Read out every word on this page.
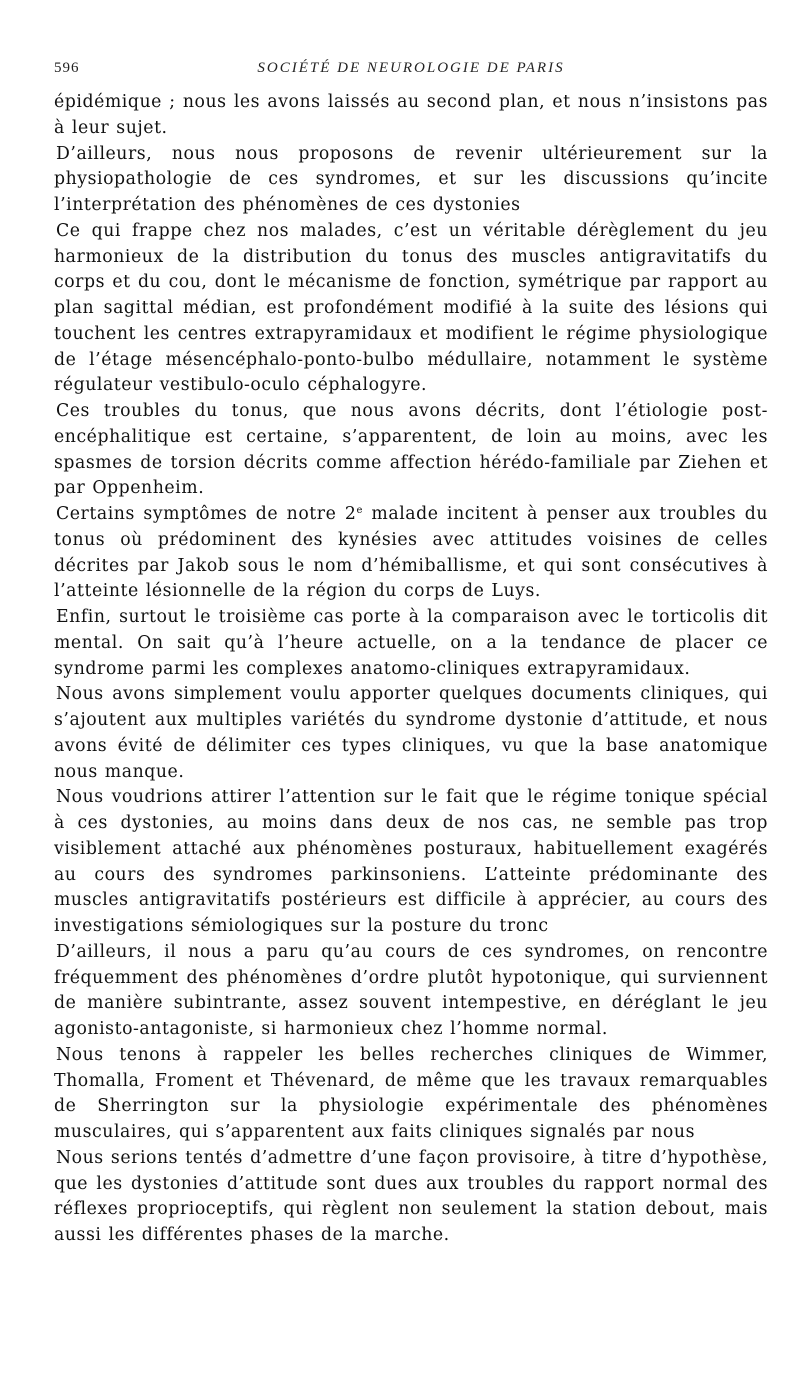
596	SOCIÉTÉ DE NEUROLOGIE DE PARIS

épidémique ; nous les avons laissés au second plan, et nous n’insistons pas à leur sujet.

D’ailleurs, nous nous proposons de revenir ultérieurement sur la physiopathologie de ces syndromes, et sur les discussions qu’incite l’interprétation des phénomènes de ces dystonies

Ce qui frappe chez nos malades, c’est un véritable dérèglement du jeu harmonieux de la distribution du tonus des muscles antigravitatifs du corps et du cou, dont le mécanisme de fonction, symétrique par rapport au plan sagittal médian, est profondément modifié à la suite des lésions qui touchent les centres extrapyramidaux et modifient le régime physiologique de l’étage mésencéphalo-ponto-bulbo médullaire, notamment le système régulateur vestibulo-oculo céphalogyre.

Ces troubles du tonus, que nous avons décrits, dont l’étiologie post-encéphalitique est certaine, s’apparentent, de loin au moins, avec les spasmes de torsion décrits comme affection hérédo-familiale par Ziehen et par Oppenheim.

Certains symptômes de notre 2e malade incitent à penser aux troubles du tonus où prédominent des kynésies avec attitudes voisines de celles décrites par Jakob sous le nom d’hémiballisme, et qui sont consécutives à l’atteinte lésionnelle de la région du corps de Luys.

Enfin, surtout le troisième cas porte à la comparaison avec le torticolis dit mental. On sait qu’à l’heure actuelle, on a la tendance de placer ce syndrome parmi les complexes anatomo-cliniques extrapyramidaux.

Nous avons simplement voulu apporter quelques documents cliniques, qui s’ajoutent aux multiples variétés du syndrome dystonie d’attitude, et nous avons évité de délimiter ces types cliniques, vu que la base anatomique nous manque.

Nous voudrions attirer l’attention sur le fait que le régime tonique spécial à ces dystonies, au moins dans deux de nos cas, ne semble pas trop visiblement attaché aux phénomènes posturaux, habituellement exagérés au cours des syndromes parkinsoniens. L’atteinte prédominante des muscles antigravitatifs postérieurs est difficile à apprécier, au cours des investigations sémiologiques sur la posture du tronc

D’ailleurs, il nous a paru qu’au cours de ces syndromes, on rencontre fréquemment des phénomènes d’ordre plutôt hypotonique, qui surviennent de manière subintrante, assez souvent intempestive, en déréglant le jeu agonisto-antagoniste, si harmonieux chez l’homme normal.

Nous tenons à rappeler les belles recherches cliniques de Wimmer, Thomalla, Froment et Thévenard, de même que les travaux remarquables de Sherrington sur la physiologie expérimentale des phénomènes musculaires, qui s’apparentent aux faits cliniques signalés par nous

Nous serions tentés d’admettre d’une façon provisoire, à titre d’hypothèse, que les dystonies d’attitude sont dues aux troubles du rapport normal des réflexes proprioceptifs, qui règlent non seulement la station debout, mais aussi les différentes phases de la marche.
